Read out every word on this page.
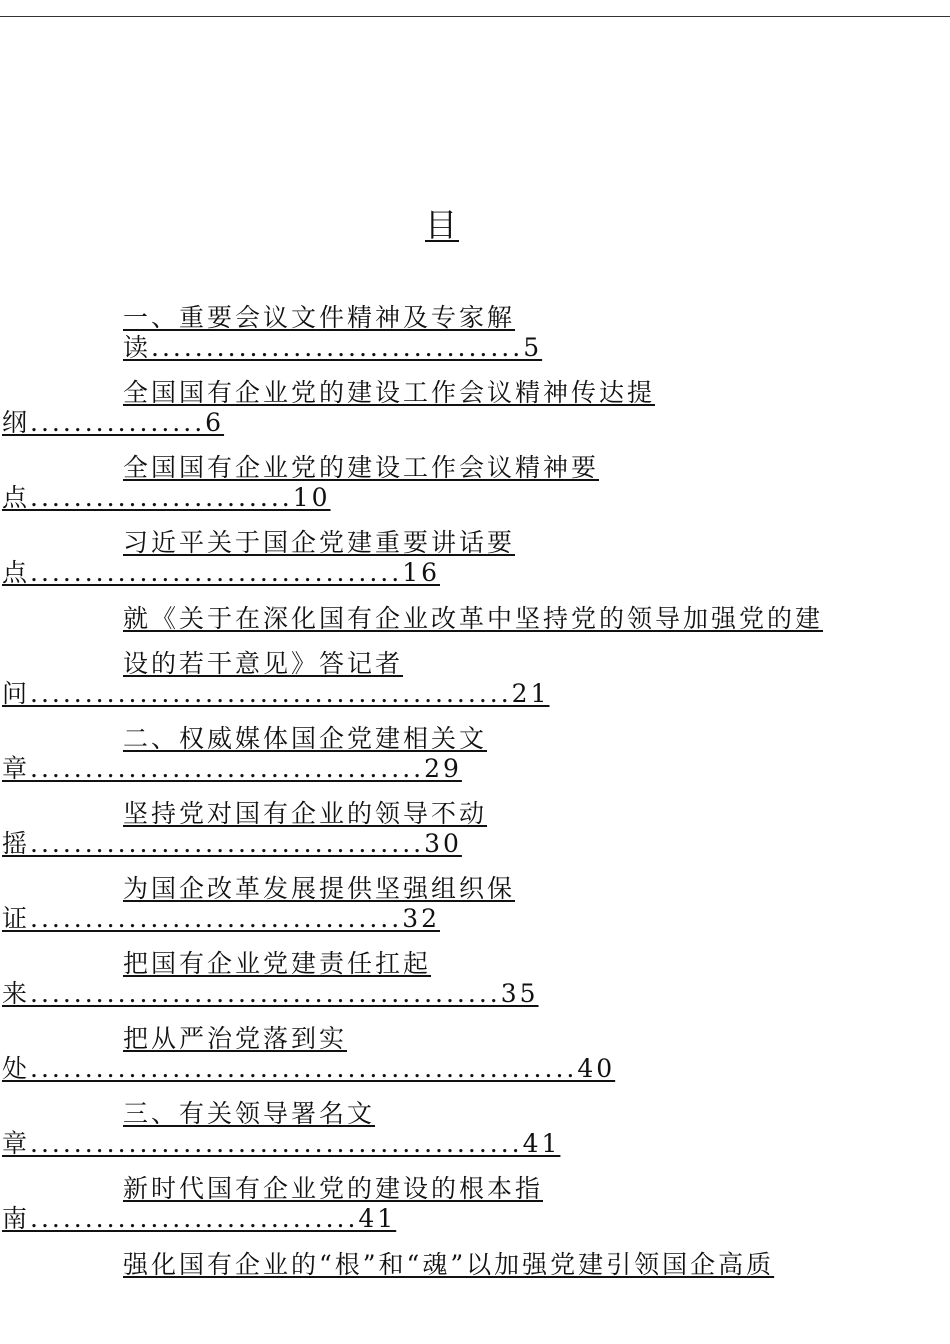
目
一、重要会议文件精神及专家解
读..................................5
全国国有企业党的建设工作会议精神传达提
纲................6
全国国有企业党的建设工作会议精神要
点........................10
习近平关于国企党建重要讲话要
点..................................16
就《关于在深化国有企业改革中坚持党的领导加强党的建
设的若干意见》答记者
问............................................21
二、权威媒体国企党建相关文
章....................................29
坚持党对国有企业的领导不动
摇....................................30
为国企改革发展提供坚强组织保
证..................................32
把国有企业党建责任扛起
来...........................................35
把从严治党落到实
处..................................................40
三、有关领导署名文
章.............................................41
新时代国有企业党的建设的根本指
南..............................41
强化国有企业的“根”和“魂”以加强党建引领国企高质
